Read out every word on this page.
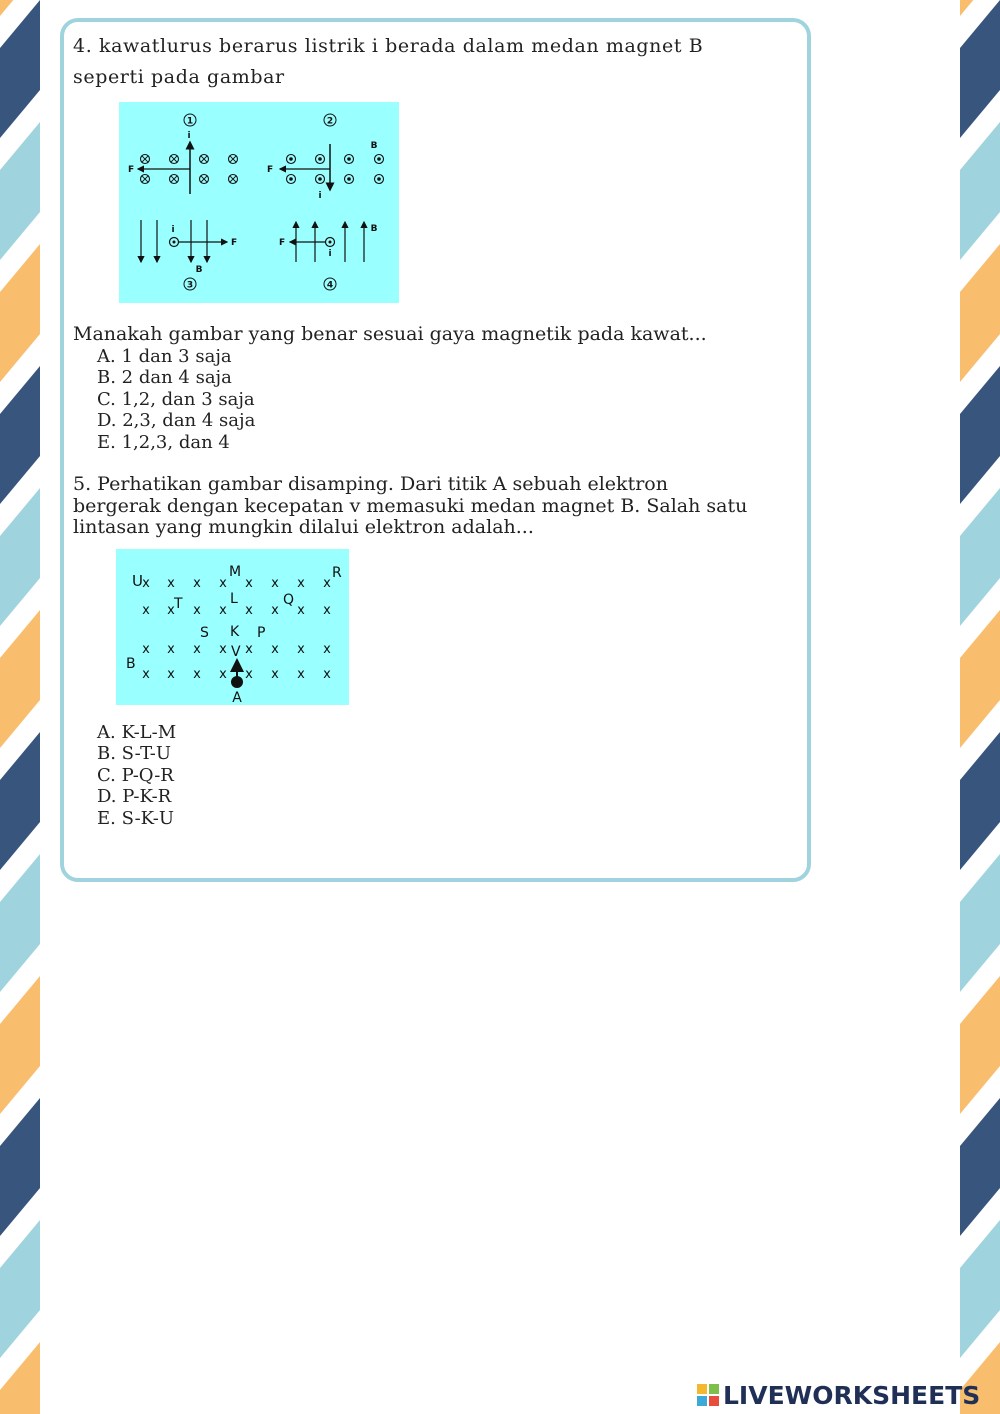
4. kawatlurus berarus listrik i berada dalam medan magnet B
seperti pada gambar
1
i
F
2
B
i
F
i
F
B
3
i
F
B
4
Manakah gambar yang benar sesuai gaya magnetik pada kawat...
A. 1 dan 3 saja
B. 2 dan 4 saja
C. 1,2, dan 3 saja
D. 2,3, dan 4 saja
E. 1,2,3, dan 4
5. Perhatikan gambar disamping. Dari titik A sebuah elektron
bergerak dengan kecepatan v memasuki medan magnet B. Salah satu
lintasan yang mungkin dilalui elektron adalah...
x x x x x x x x
x x x x x x x x
x x x x x x x x
x x x x x x x x
U	M	R
T	L	Q
S K P
B
V
A
A. K-L-M
B. S-T-U
C. P-Q-R
D. P-K-R
E. S-K-U
LIVEWORKSHEETS
